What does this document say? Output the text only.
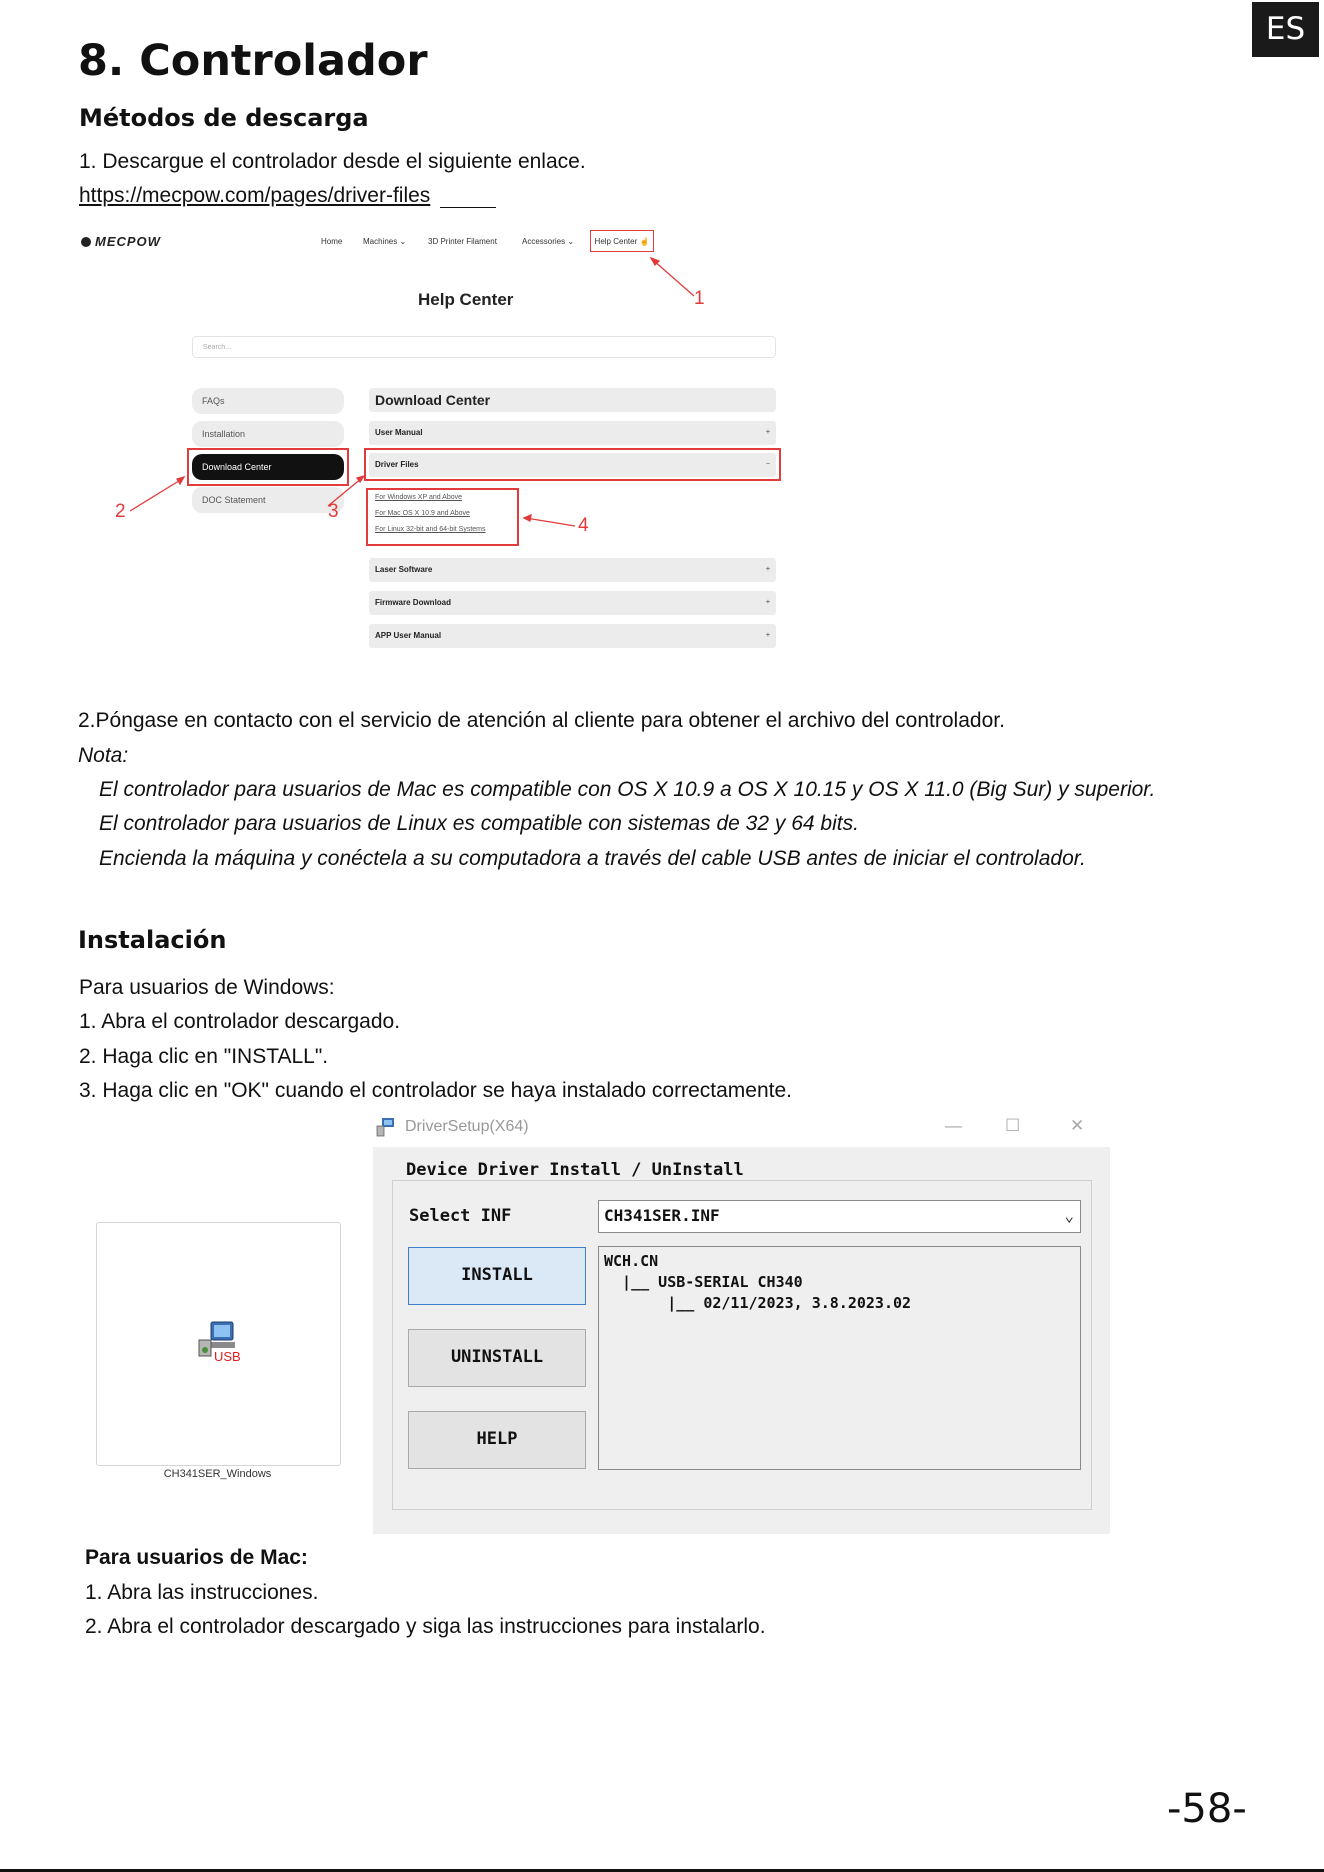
ES
8. Controlador
Métodos de descarga
1. Descargue el controlador desde el siguiente enlace.
https://mecpow.com/pages/driver-files
MECPOW	Home	Machines ⌄	3D Printer Filament	Accessories ⌄	Help Center ☝
Help Center
Search...
FAQs
Installation
Download Center
DOC Statement
Download Center
User Manual	+
Driver Files	−
For Windows XP and Above
For Mac OS X 10.9 and Above
For Linux 32-bit and 64-bit Systems
Laser Software	+
Firmware Download	+
APP User Manual	+
1
2	3
4
2.Póngase en contacto con el servicio de atención al cliente para obtener el archivo del controlador.
Nota:
El controlador para usuarios de Mac es compatible con OS X 10.9 a OS X 10.15 y OS X 11.0 (Big Sur) y superior.
El controlador para usuarios de Linux es compatible con sistemas de 32 y 64 bits.
Encienda la máquina y conéctela a su computadora a través del cable USB antes de iniciar el controlador.
Instalación
Para usuarios de Windows:
1. Abra el controlador descargado.
2. Haga clic en "INSTALL".
3. Haga clic en "OK" cuando el controlador se haya instalado correctamente.
USB
CH341SER_Windows
DriverSetup(X64)	—	☐	✕
Device Driver Install / UnInstall
Select INF	CH341SER.INF	⌄
INSTALL
UNINSTALL
HELP
WCH.CN
|__ USB-SERIAL CH340
|__ 02/11/2023, 3.8.2023.02
Para usuarios de Mac:
1. Abra las instrucciones.
2. Abra el controlador descargado y siga las instrucciones para instalarlo.
-58-
